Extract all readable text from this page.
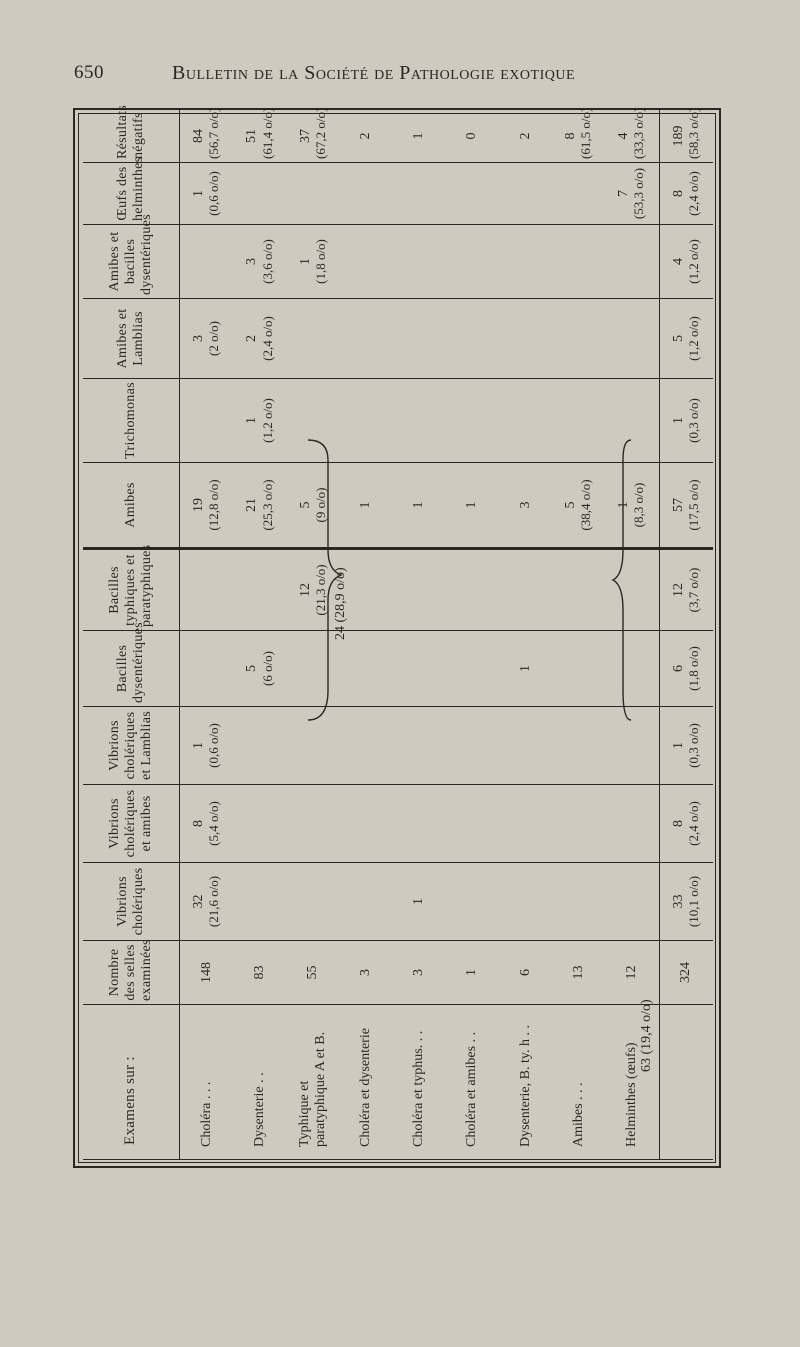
650	Bulletin de la Société de Pathologie exotique
Examens sur :	Nombre des selles examinées	Vibrions cholériques	Vibrions cholériques et amibes	Vibrions cholériques et Lamblias	Bacilles dysentériques	Bacilles typhiques et paratyphiques	Amibes	Trichomonas	Amibes et Lamblias	Amibes et bacilles dysentériques	Œufs des helminthes	Résultats négatifs
Choléra . . .	148	32 (21,6 o/o)	8 (5,4 o/o)	1 (0,6 o/o)			19 (12,8 o/o)		3 (2 o/o)		1 (0,6 o/o)	84 (56,7 o/o)

Dysenterie . .	83				5 (6 o/o)		21 (25,3 o/o)	1 (1,2 o/o)	2 (2,4 o/o)	3 (3,6 o/o)		51 (61,4 o/o)

Typhique et paratyphique A et B.	55					12 (21,3 o/o)	5 (9 o/o)			1 (1,8 o/o)		37 (67,2 o/o)

Choléra et dysenterie	3						1					2

Choléra et typhus. . .	3	1					1					1

Choléra et amibes . .	1						1					0

Dysenterie, B. ty. h . .	6				1		3					2

Amibes . . .	13						5 (38,4 o/o)					8 (61,5 o/o)

Helminthes (œufs)	12						1 (8,3 o/o)				7 (53,3 o/o)	4 (33,3 o/o)

	324	33 (10,1 o/o)	8 (2,4 o/o)	1 (0,3 o/o)	6 (1,8 o/o)	12 (3,7 o/o)	57 (17,5 o/o)	1 (0,3 o/o)	5 (1,2 o/o)	4 (1,2 o/o)	8 (2,4 o/o)	189 (58,3 o/o)
24 (28,9 o/o)
63 (19,4 o/o)
